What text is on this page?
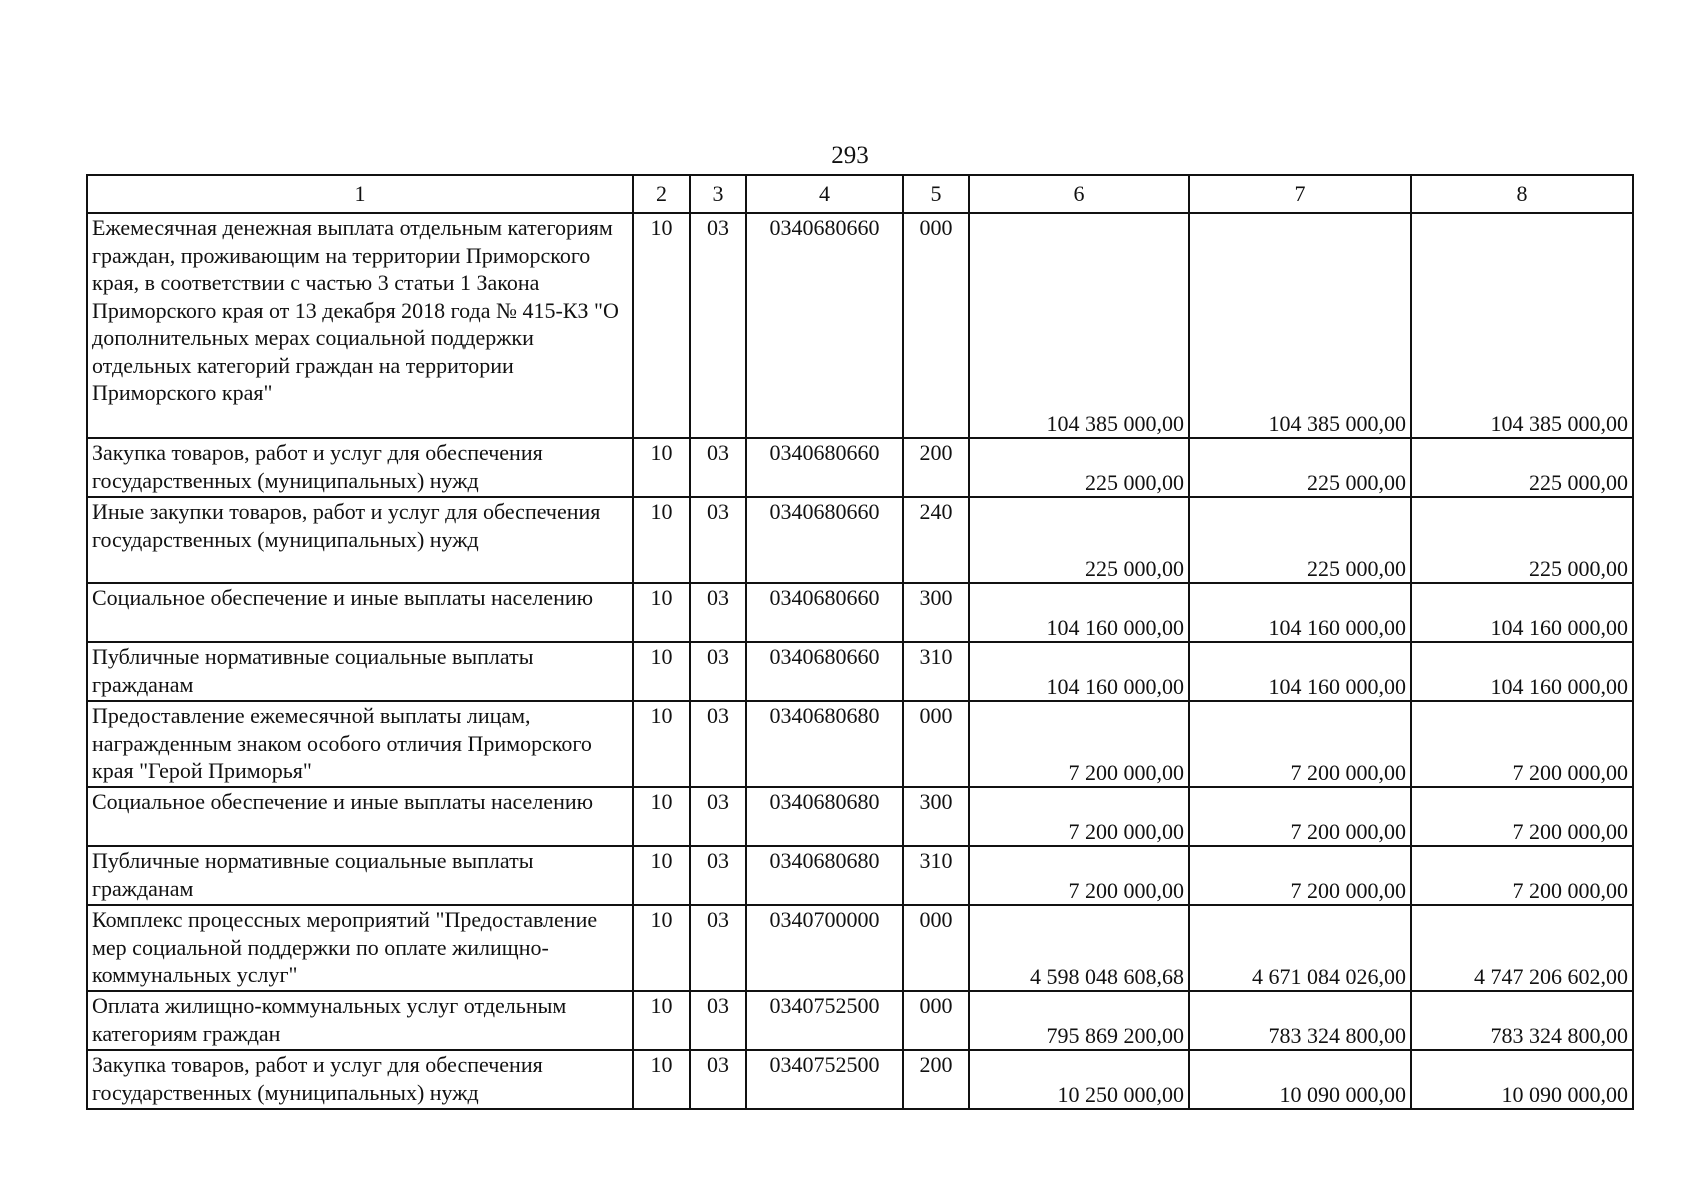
293
1	2	3	4	5	6	7	8
Ежемесячная денежная выплата отдельным категориям граждан, проживающим на территории Приморского края, в соответствии с частью 3 статьи 1 Закона Приморского края от 13 декабря 2018 года № 415-КЗ "О дополнительных мерах социальной поддержки отдельных категорий граждан на территории Приморского края"	10	03	0340680660	000	104 385 000,00	104 385 000,00	104 385 000,00
Закупка товаров, работ и услуг для обеспечения государственных (муниципальных) нужд	10	03	0340680660	200	225 000,00	225 000,00	225 000,00
Иные закупки товаров, работ и услуг для обеспечения государственных (муниципальных) нужд	10	03	0340680660	240	225 000,00	225 000,00	225 000,00
Социальное обеспечение и иные выплаты населению	10	03	0340680660	300	104 160 000,00	104 160 000,00	104 160 000,00
Публичные нормативные социальные выплаты гражданам	10	03	0340680660	310	104 160 000,00	104 160 000,00	104 160 000,00
Предоставление ежемесячной выплаты лицам, награжденным знаком особого отличия Приморского края "Герой Приморья"	10	03	0340680680	000	7 200 000,00	7 200 000,00	7 200 000,00
Социальное обеспечение и иные выплаты населению	10	03	0340680680	300	7 200 000,00	7 200 000,00	7 200 000,00
Публичные нормативные социальные выплаты гражданам	10	03	0340680680	310	7 200 000,00	7 200 000,00	7 200 000,00
Комплекс процессных мероприятий "Предоставление мер социальной поддержки по оплате жилищно-коммунальных услуг"	10	03	0340700000	000	4 598 048 608,68	4 671 084 026,00	4 747 206 602,00
Оплата жилищно-коммунальных услуг отдельным категориям граждан	10	03	0340752500	000	795 869 200,00	783 324 800,00	783 324 800,00
Закупка товаров, работ и услуг для обеспечения государственных (муниципальных) нужд	10	03	0340752500	200	10 250 000,00	10 090 000,00	10 090 000,00
